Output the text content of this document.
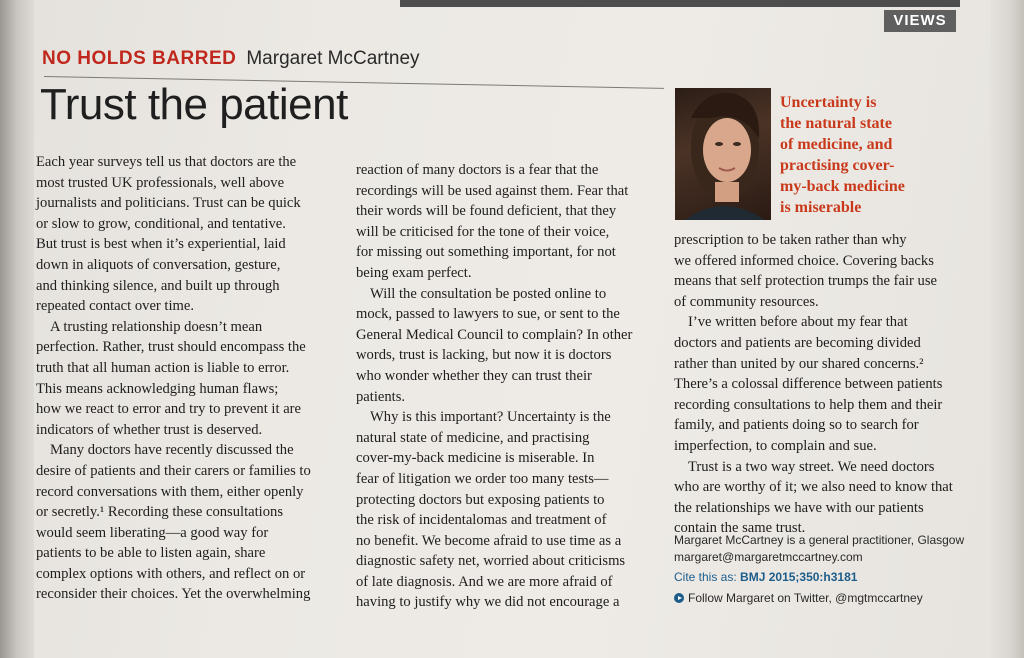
VIEWS
NO HOLDS BARRED Margaret McCartney
Trust the patient

Each year surveys tell us that doctors are the

most trusted UK professionals, well above

journalists and politicians. Trust can be quick

or slow to grow, conditional, and tentative.

But trust is best when it’s experiential, laid

down in aliquots of conversation, gesture,

and thinking silence, and built up through

repeated contact over time.

A trusting relationship doesn’t mean

perfection. Rather, trust should encompass the

truth that all human action is liable to error.

This means acknowledging human flaws;

how we react to error and try to prevent it are

indicators of whether trust is deserved.

Many doctors have recently discussed the

desire of patients and their carers or families to

record conversations with them, either openly

or secretly.¹ Recording these consultations

would seem liberating—a good way for

patients to be able to listen again, share

complex options with others, and reflect on or

reconsider their choices. Yet the overwhelming

reaction of many doctors is a fear that the

recordings will be used against them. Fear that

their words will be found deficient, that they

will be criticised for the tone of their voice,

for missing out something important, for not

being exam perfect.

Will the consultation be posted online to

mock, passed to lawyers to sue, or sent to the

General Medical Council to complain? In other

words, trust is lacking, but now it is doctors

who wonder whether they can trust their

patients.

Why is this important? Uncertainty is the

natural state of medicine, and practising

cover-my-back medicine is miserable. In

fear of litigation we order too many tests—

protecting doctors but exposing patients to

the risk of incidentalomas and treatment of

no benefit. We become afraid to use time as a

diagnostic safety net, worried about criticisms

of late diagnosis. And we are more afraid of

having to justify why we did not encourage a

Uncertainty is

the natural state

of medicine, and

practising cover-

my-back medicine

is miserable

prescription to be taken rather than why

we offered informed choice. Covering backs

means that self protection trumps the fair use

of community resources.

I’ve written before about my fear that

doctors and patients are becoming divided

rather than united by our shared concerns.²

There’s a colossal difference between patients

recording consultations to help them and their

family, and patients doing so to search for

imperfection, to complain and sue.

Trust is a two way street. We need doctors

who are worthy of it; we also need to know that

the relationships we have with our patients

contain the same trust.

Margaret McCartney is a general practitioner, Glasgow

margaret@margaretmccartney.com

Cite this as: BMJ 2015;350:h3181

Follow Margaret on Twitter, @mgtmccartney
